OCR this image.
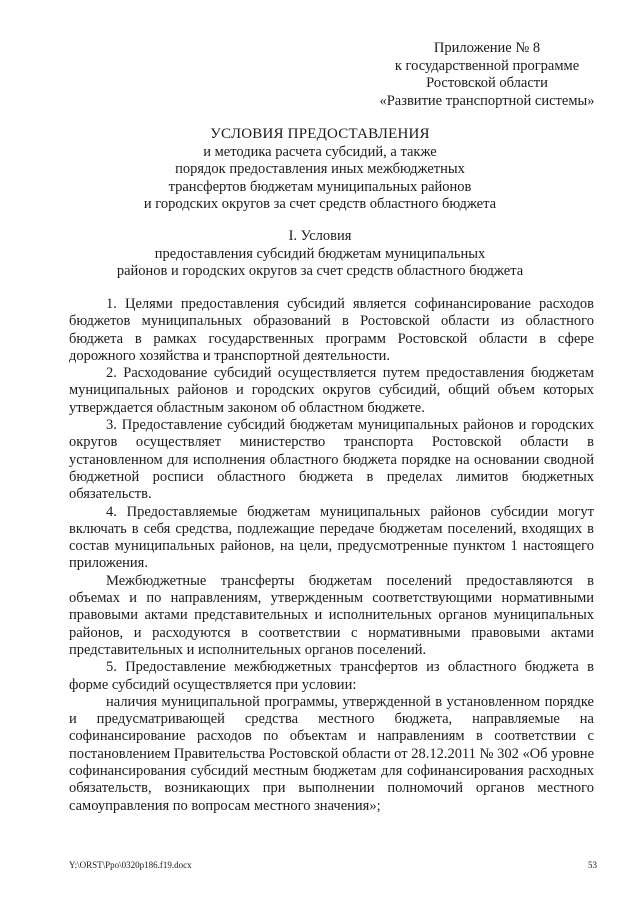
Приложение № 8
к государственной программе
Ростовской области
«Развитие транспортной системы»
УСЛОВИЯ ПРЕДОСТАВЛЕНИЯ
и методика расчета субсидий, а также
порядок предоставления иных межбюджетных
трансфертов бюджетам муниципальных районов
и городских округов за счет средств областного бюджета
I. Условия
предоставления субсидий бюджетам муниципальных
районов и городских округов за счет средств областного бюджета

1. Целями предоставления субсидий является софинансирование расходов бюджетов муниципальных образований в Ростовской области из областного бюджета в рамках государственных программ Ростовской области в сфере дорожного хозяйства и транспортной деятельности.

2. Расходование субсидий осуществляется путем предоставления бюджетам муниципальных районов и городских округов субсидий, общий объем которых утверждается областным законом об областном бюджете.

3. Предоставление субсидий бюджетам муниципальных районов и городских округов осуществляет министерство транспорта Ростовской области в установленном для исполнения областного бюджета порядке на основании сводной бюджетной росписи областного бюджета в пределах лимитов бюджетных обязательств.

4. Предоставляемые бюджетам муниципальных районов субсидии могут включать в себя средства, подлежащие передаче бюджетам поселений, входящих в состав муниципальных районов, на цели, предусмотренные пунктом 1 настоящего приложения.

Межбюджетные трансферты бюджетам поселений предоставляются в объемах и по направлениям, утвержденным соответствующими нормативными правовыми актами представительных и исполнительных органов муниципальных районов, и расходуются в соответствии с нормативными правовыми актами представительных и исполнительных органов поселений.

5. Предоставление межбюджетных трансфертов из областного бюджета в форме субсидий осуществляется при условии:

наличия муниципальной программы, утвержденной в установленном порядке и предусматривающей средства местного бюджета, направляемые на софинансирование расходов по объектам и направлениям в соответствии с постановлением Правительства Ростовской области от 28.12.2011 № 302 «Об уровне софинансирования субсидий местным бюджетам для софинансирования расходных обязательств, возникающих при выполнении полномочий органов местного самоуправления по вопросам местного значения»;

Y:\ORST\Ppo\0320p186.f19.docx	53
